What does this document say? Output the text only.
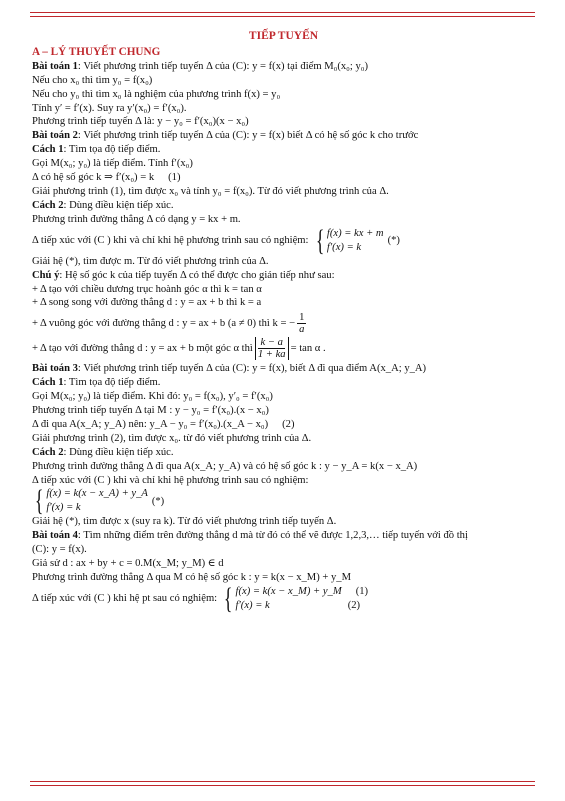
TIẾP TUYẾN
A – LÝ THUYẾT CHUNG
Bài toán 1: Viết phương trình tiếp tuyến Δ của (C): y = f(x) tại điểm M₀(x₀; y₀)
Nếu cho x₀ thì tìm y₀ = f(x₀)
Nếu cho y₀ thì tìm x₀ là nghiệm của phương trình f(x) = y₀
Tính y′ = f′(x). Suy ra y′(x₀) = f′(x₀).
Phương trình tiếp tuyến Δ là: y − y₀ = f′(x₀)(x − x₀)
Bài toán 2: Viết phương trình tiếp tuyến Δ của (C): y = f(x) biết Δ có hệ số góc k cho trước
Cách 1: Tìm tọa độ tiếp điểm.
Gọi M(x₀; y₀) là tiếp điểm. Tính f′(x₀)
Δ có hệ số góc k ⇒ f′(x₀) = k (1)
Giải phương trình (1), tìm được x₀ và tính y₀ = f(x₀). Từ đó viết phương trình của Δ.
Cách 2: Dùng điều kiện tiếp xúc.
Phương trình đường thẳng Δ có dạng y = kx + m.
Δ tiếp xúc với (C ) khi và chỉ khi hệ phương trình sau có nghiệm: { f(x) = kx + m
f′(x) = k
(*)
Giải hệ (*), tìm được m. Từ đó viết phương trình của Δ.
Chú ý: Hệ số góc k của tiếp tuyến Δ có thể được cho gián tiếp như sau:
+ Δ tạo với chiều dương trục hoành góc α thì k = tan α
+ Δ song song với đường thẳng d : y = ax + b thì k = a
+ Δ vuông góc với đường thẳng d : y = ax + b (a ≠ 0) thì k = − $\frac{1}{a}$
+ Δ tạo với đường thẳng d : y = ax + b một góc α thì $\frac{k - a}{1 + ka} = \tan \alpha$ .
Bài toán 3: Viết phương trình tiếp tuyến Δ của (C): y = f(x), biết Δ đi qua điểm A(x_A; y_A)
Cách 1: Tìm tọa độ tiếp điểm.
Gọi M(x₀; y₀) là tiếp điểm. Khi đó: y₀ = f(x₀), y′₀ = f′(x₀)
Phương trình tiếp tuyến Δ tại M : y − y₀ = f′(x₀).(x − x₀)
Δ đi qua A(x_A; y_A) nên: y_A − y₀ = f′(x₀).(x_A − x₀) (2)
Giải phương trình (2), tìm được x₀. từ đó viết phương trình của Δ.
Cách 2: Dùng điều kiện tiếp xúc.
Phương trình đường thẳng Δ đi qua A(x_A; y_A) và có hệ số góc k : y − y_A = k(x − x_A)
Δ tiếp xúc với (C ) khi và chỉ khi hệ phương trình sau có nghiệm:
{ f(x) = k(x − x_A) + y_A
f′(x) = k
(*)
Giải hệ (*), tìm được x (suy ra k). Từ đó viết phương trình tiếp tuyến Δ.
Bài toán 4: Tìm những điểm trên đường thẳng d mà từ đó có thể vẽ được 1,2,3,… tiếp tuyến với đồ thị
(C): y = f(x).
Giả sử d : ax + by + c = 0.M(x_M; y_M) ∈ d
Phương trình đường thẳng Δ qua M có hệ số góc k : y = k(x − x_M) + y_M
Δ tiếp xúc với (C ) khi hệ pt sau có nghiệm: { f(x) = k(x − x_M) + y_M (1)
f′(x) = k	(2)
